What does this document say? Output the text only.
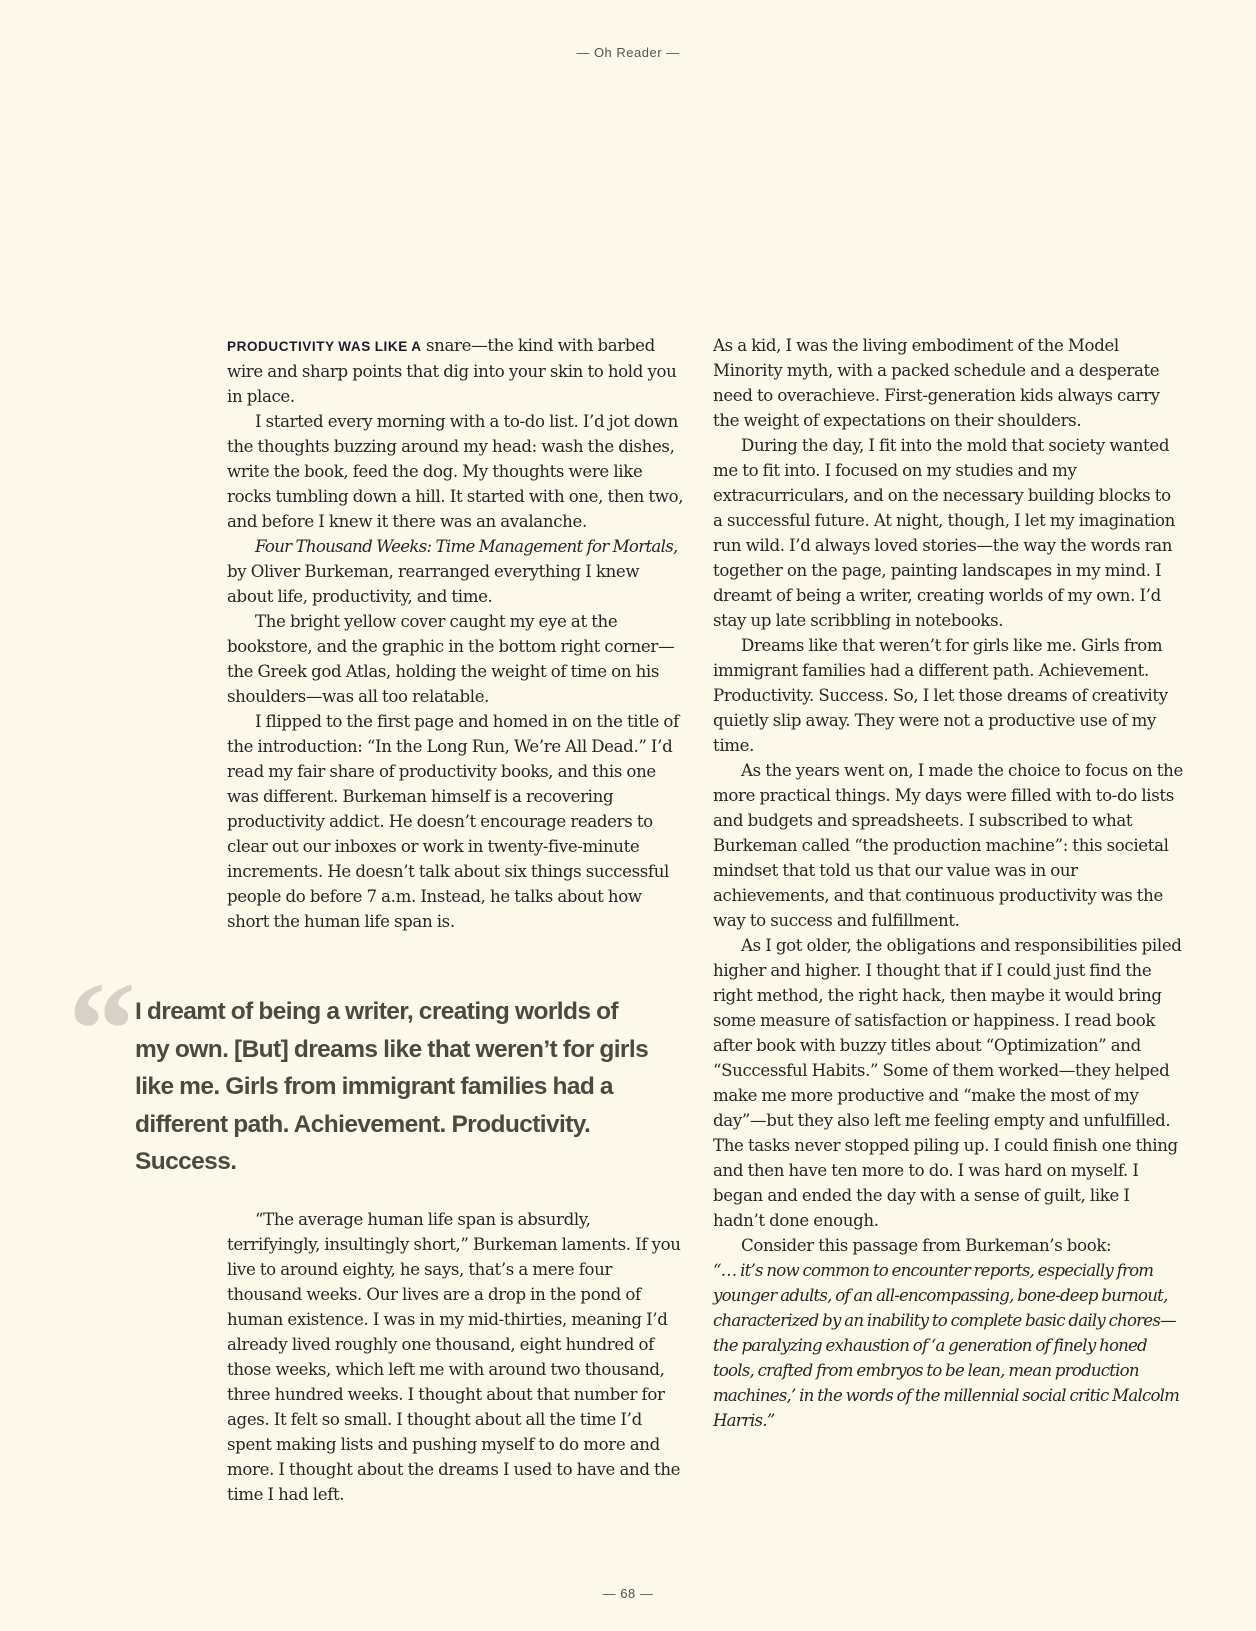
— Oh Reader —

PRODUCTIVITY WAS LIKE A snare—the kind with barbed wire and sharp points that dig into your skin to hold you in place.

I started every morning with a to-do list. I’d jot down the thoughts buzzing around my head: wash the dishes, write the book, feed the dog. My thoughts were like rocks tumbling down a hill. It started with one, then two, and before I knew it there was an avalanche.

Four Thousand Weeks: Time Management for Mortals, by Oliver Burkeman, rearranged everything I knew about life, productivity, and time.

The bright yellow cover caught my eye at the bookstore, and the graphic in the bottom right corner—the Greek god Atlas, holding the weight of time on his shoulders—was all too relatable.

I flipped to the first page and homed in on the title of the introduction: “In the Long Run, We’re All Dead.” I’d read my fair share of productivity books, and this one was different. Burkeman himself is a recovering productivity addict. He doesn’t encourage readers to clear out our inboxes or work in twenty-five-minute increments. He doesn’t talk about six things successful people do before 7 a.m. Instead, he talks about how short the human life span is.

“ I dreamt of being a writer, creating worlds of my own. [But] dreams like that weren’t for girls like me. Girls from immigrant families had a different path. Achievement. Productivity. Success.

“The average human life span is absurdly, terrifyingly, insultingly short,” Burkeman laments. If you live to around eighty, he says, that’s a mere four thousand weeks. Our lives are a drop in the pond of human existence. I was in my mid-thirties, meaning I’d already lived roughly one thousand, eight hundred of those weeks, which left me with around two thousand, three hundred weeks. I thought about that number for ages. It felt so small. I thought about all the time I’d spent making lists and pushing myself to do more and more. I thought about the dreams I used to have and the time I had left.

As a kid, I was the living embodiment of the Model Minority myth, with a packed schedule and a desperate need to overachieve. First-generation kids always carry the weight of expectations on their shoulders.

During the day, I fit into the mold that society wanted me to fit into. I focused on my studies and my extracurriculars, and on the necessary building blocks to a successful future. At night, though, I let my imagination run wild. I’d always loved stories—the way the words ran together on the page, painting landscapes in my mind. I dreamt of being a writer, creating worlds of my own. I’d stay up late scribbling in notebooks.

Dreams like that weren’t for girls like me. Girls from immigrant families had a different path. Achievement. Productivity. Success. So, I let those dreams of creativity quietly slip away. They were not a productive use of my time.

As the years went on, I made the choice to focus on the more practical things. My days were filled with to-do lists and budgets and spreadsheets. I subscribed to what Burkeman called “the production machine”: this societal mindset that told us that our value was in our achievements, and that continuous productivity was the way to success and fulfillment.

As I got older, the obligations and responsibilities piled higher and higher. I thought that if I could just find the right method, the right hack, then maybe it would bring some measure of satisfaction or happiness. I read book after book with buzzy titles about “Optimization” and “Successful Habits.” Some of them worked—they helped make me more productive and “make the most of my day”—but they also left me feeling empty and unfulfilled. The tasks never stopped piling up. I could finish one thing and then have ten more to do. I was hard on myself. I began and ended the day with a sense of guilt, like I hadn’t done enough.

Consider this passage from Burkeman’s book:

“… it’s now common to encounter reports, especially from younger adults, of an all-encompassing, bone-deep burnout, characterized by an inability to complete basic daily chores—the paralyzing exhaustion of ‘a generation of finely honed tools, crafted from embryos to be lean, mean production machines,’ in the words of the millennial social critic Malcolm Harris.”

— 68 —
